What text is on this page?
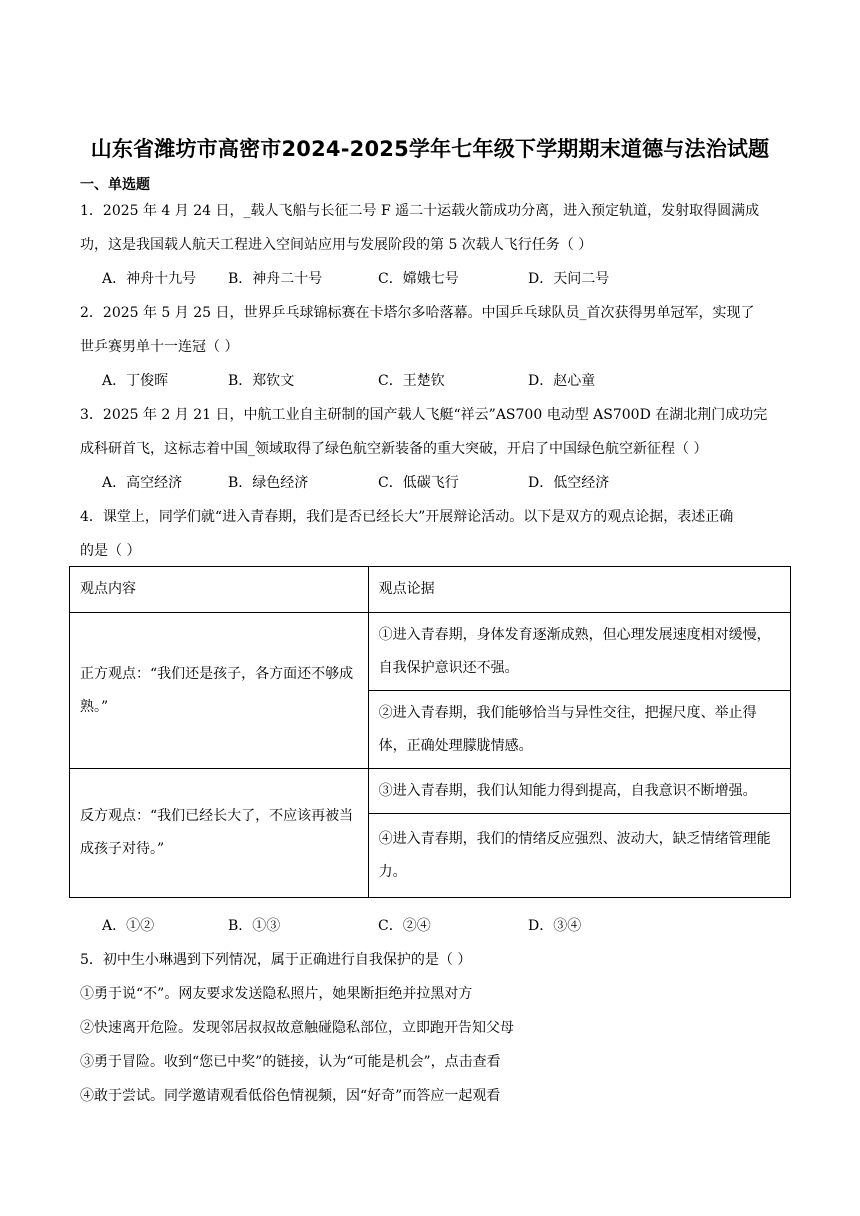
山东省潍坊市高密市2024-2025学年七年级下学期期末道德与法治试题
一、单选题
1．2025 年 4 月 24 日，_载人飞船与长征二号 F 遥二十运载火箭成功分离，进入预定轨道，发射取得圆满成
功，这是我国载人航天工程进入空间站应用与发展阶段的第 5 次载人飞行任务（ ）
A．神舟十九号 B．神舟二十号	C．嫦娥七号	D．天问二号
2．2025 年 5 月 25 日，世界乒乓球锦标赛在卡塔尔多哈落幕。中国乒乓球队员_首次获得男单冠军，实现了
世乒赛男单十一连冠（ ）
A．丁俊晖	B．郑钦文	C．王楚钦	D．赵心童
3．2025 年 2 月 21 日，中航工业自主研制的国产载人飞艇“祥云”AS700 电动型 AS700D 在湖北荆门成功完
成科研首飞，这标志着中国_领域取得了绿色航空新装备的重大突破，开启了中国绿色航空新征程（ ）
A．高空经济	B．绿色经济	C．低碳飞行	D．低空经济
4．课堂上，同学们就“进入青春期，我们是否已经长大”开展辩论活动。以下是双方的观点论据，表述正确
的是（ ）
观点内容	观点论据
正方观点：“我们还是孩子，各方面还不够成熟。”	①进入青春期，身体发育逐渐成熟，但心理发展速度相对缓慢，自我保护意识还不强。
	②进入青春期，我们能够恰当与异性交往，把握尺度、举止得体，正确处理朦胧情感。
反方观点：“我们已经长大了，不应该再被当成孩子对待。”	③进入青春期，我们认知能力得到提高，自我意识不断增强。
	④进入青春期，我们的情绪反应强烈、波动大，缺乏情绪管理能力。
A．①②	B．①③	C．②④	D．③④
5．初中生小琳遇到下列情况，属于正确进行自我保护的是（ ）
①勇于说“不”。网友要求发送隐私照片，她果断拒绝并拉黑对方
②快速离开危险。发现邻居叔叔故意触碰隐私部位，立即跑开告知父母
③勇于冒险。收到“您已中奖”的链接，认为“可能是机会”，点击查看
④敢于尝试。同学邀请观看低俗色情视频，因“好奇”而答应一起观看
